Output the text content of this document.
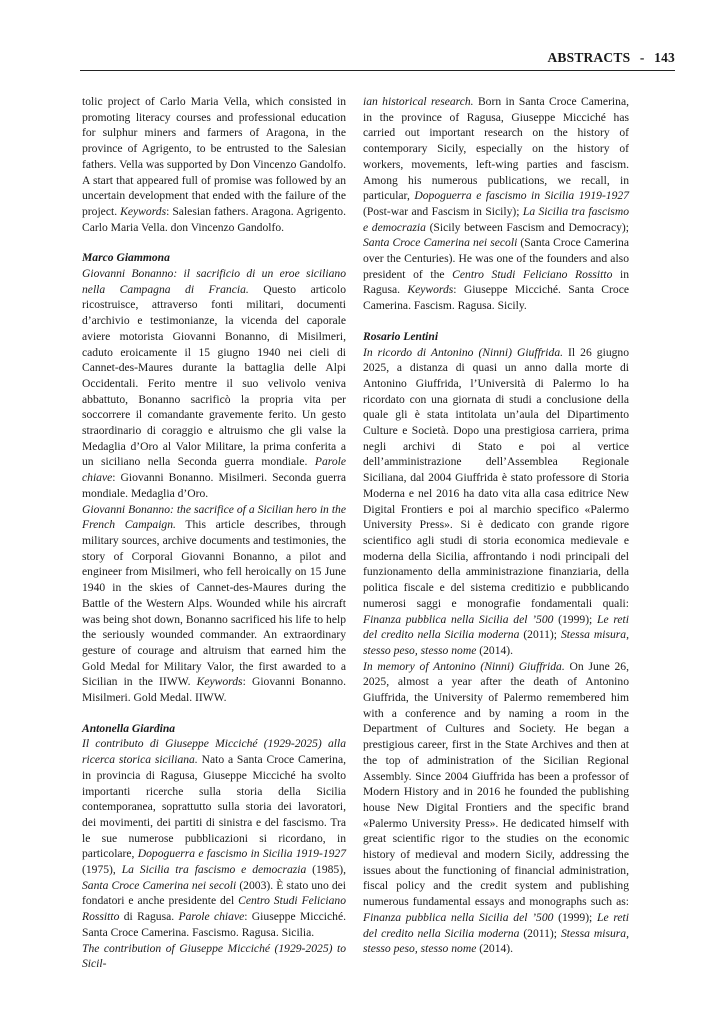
ABSTRACTS - 143

tolic project of Carlo Maria Vella, which consisted in promoting literacy courses and professional education for sulphur miners and farmers of Aragona, in the province of Agrigento, to be entrusted to the Salesian fathers. Vella was supported by Don Vincenzo Gandolfo. A start that appeared full of promise was followed by an uncertain development that ended with the failure of the project. Keywords: Salesian fathers. Aragona. Agrigento. Carlo Maria Vella. don Vincenzo Gandolfo.

Marco Giammona

Giovanni Bonanno: il sacrificio di un eroe siciliano nella Campagna di Francia. Questo articolo ricostruisce, attraverso fonti militari, documenti d’archivio e testimonianze, la vicenda del caporale aviere motorista Giovanni Bonanno, di Misilmeri, caduto eroicamente il 15 giugno 1940 nei cieli di Cannet-des-Maures durante la battaglia delle Alpi Occidentali. Ferito mentre il suo velivolo veniva abbattuto, Bonanno sacrificò la propria vita per soccorrere il comandante gravemente ferito. Un gesto straordinario di coraggio e altruismo che gli valse la Medaglia d’Oro al Valor Militare, la prima conferita a un siciliano nella Seconda guerra mondiale. Parole chiave: Giovanni Bonanno. Misilmeri. Seconda guerra mondiale. Medaglia d’Oro.

Giovanni Bonanno: the sacrifice of a Sicilian hero in the French Campaign. This article describes, through military sources, archive documents and testimonies, the story of Corporal Giovanni Bonanno, a pilot and engineer from Misilmeri, who fell heroically on 15 June 1940 in the skies of Cannet-des-Maures during the Battle of the Western Alps. Wounded while his aircraft was being shot down, Bonanno sacrificed his life to help the seriously wounded commander. An extraordinary gesture of courage and altruism that earned him the Gold Medal for Military Valor, the first awarded to a Sicilian in the IIWW. Keywords: Giovanni Bonanno. Misilmeri. Gold Medal. IIWW.

Antonella Giardina

Il contributo di Giuseppe Micciché (1929-2025) alla ricerca storica siciliana. Nato a Santa Croce Camerina, in provincia di Ragusa, Giuseppe Micciché ha svolto importanti ricerche sulla storia della Sicilia contemporanea, soprattutto sulla storia dei lavoratori, dei movimenti, dei partiti di sinistra e del fascismo. Tra le sue numerose pubblicazioni si ricordano, in particolare, Dopoguerra e fascismo in Sicilia 1919-1927 (1975), La Sicilia tra fascismo e democrazia (1985), Santa Croce Camerina nei secoli (2003). È stato uno dei fondatori e anche presidente del Centro Studi Feliciano Rossitto di Ragusa. Parole chiave: Giuseppe Micciché. Santa Croce Camerina. Fascismo. Ragusa. Sicilia.

The contribution of Giuseppe Micciché (1929-2025) to Sicil-

ian historical research. Born in Santa Croce Camerina, in the province of Ragusa, Giuseppe Micciché has carried out important research on the history of contemporary Sicily, especially on the history of workers, movements, left-wing parties and fascism. Among his numerous publications, we recall, in particular, Dopoguerra e fascismo in Sicilia 1919-1927 (Post-war and Fascism in Sicily); La Sicilia tra fascismo e democrazia (Sicily between Fascism and Democracy); Santa Croce Camerina nei secoli (Santa Croce Camerina over the Centuries). He was one of the founders and also president of the Centro Studi Feliciano Rossitto in Ragusa. Keywords: Giuseppe Micciché. Santa Croce Camerina. Fascism. Ragusa. Sicily.

Rosario Lentini

In ricordo di Antonino (Ninni) Giuffrida. Il 26 giugno 2025, a distanza di quasi un anno dalla morte di Antonino Giuffrida, l’Università di Palermo lo ha ricordato con una giornata di studi a conclusione della quale gli è stata intitolata un’aula del Dipartimento Culture e Società. Dopo una prestigiosa carriera, prima negli archivi di Stato e poi al vertice dell’amministrazione dell’Assemblea Regionale Siciliana, dal 2004 Giuffrida è stato professore di Storia Moderna e nel 2016 ha dato vita alla casa editrice New Digital Frontiers e poi al marchio specifico «Palermo University Press». Si è dedicato con grande rigore scientifico agli studi di storia economica medievale e moderna della Sicilia, affrontando i nodi principali del funzionamento della amministrazione finanziaria, della politica fiscale e del sistema creditizio e pubblicando numerosi saggi e monografie fondamentali quali: Finanza pubblica nella Sicilia del ’500 (1999); Le reti del credito nella Sicilia moderna (2011); Stessa misura, stesso peso, stesso nome (2014).

In memory of Antonino (Ninni) Giuffrida. On June 26, 2025, almost a year after the death of Antonino Giuffrida, the University of Palermo remembered him with a conference and by naming a room in the Department of Cultures and Society. He began a prestigious career, first in the State Archives and then at the top of administration of the Sicilian Regional Assembly. Since 2004 Giuffrida has been a professor of Modern History and in 2016 he founded the publishing house New Digital Frontiers and the specific brand «Palermo University Press». He dedicated himself with great scientific rigor to the studies on the economic history of medieval and modern Sicily, addressing the issues about the functioning of financial administration, fiscal policy and the credit system and publishing numerous fundamental essays and monographs such as: Finanza pubblica nella Sicilia del ’500 (1999); Le reti del credito nella Sicilia moderna (2011); Stessa misura, stesso peso, stesso nome (2014).
